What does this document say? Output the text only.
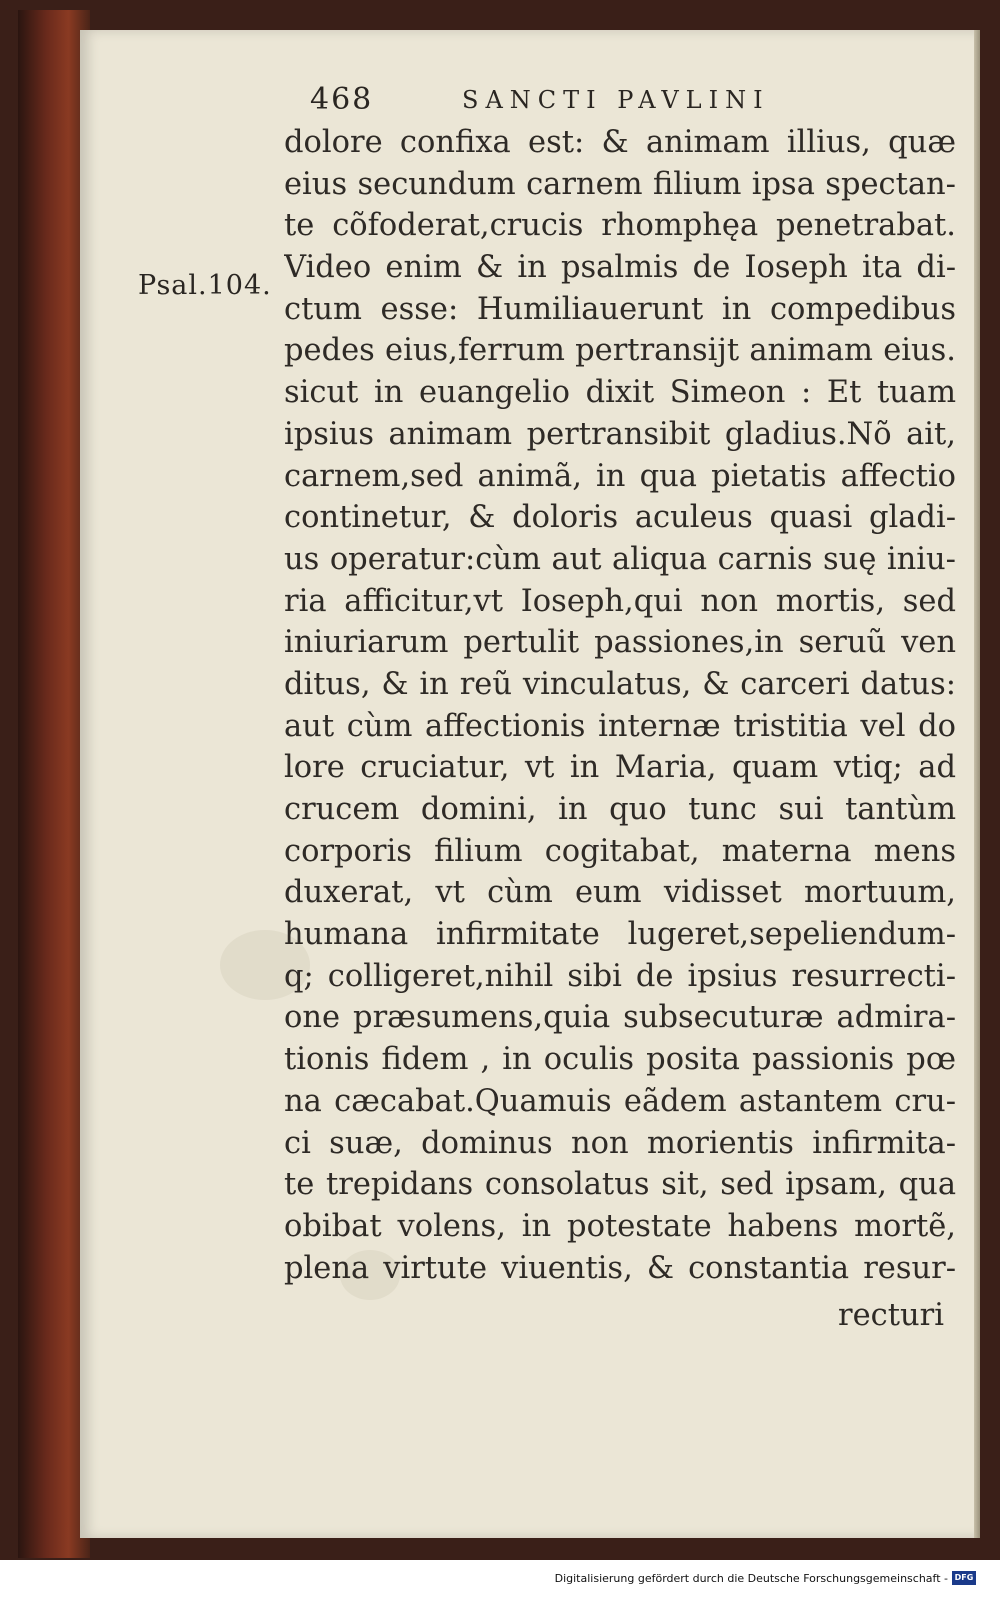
468	SANCTI PAVLINI
Psal.104.
dolore confixa est: & animam illius, quæ
eius secundum carnem filium ipsa spectan-
te cõfoderat,crucis rhomphęa penetrabat.
Video enim & in psalmis de Ioseph ita di-
ctum esse: Humiliauerunt in compedibus
pedes eius,ferrum pertransijt animam eius.
sicut in euangelio dixit Simeon : Et tuam
ipsius animam pertransibit gladius.Nõ ait,
carnem,sed animã, in qua pietatis affectio
continetur, & doloris aculeus quasi gladi-
us operatur:cùm aut aliqua carnis suę iniu-
ria afficitur,vt Ioseph,qui non mortis, sed
iniuriarum pertulit passiones,in seruũ ven
ditus, & in reũ vinculatus, & carceri datus:
aut cùm affectionis internæ tristitia vel do
lore cruciatur, vt in Maria, quam vtiq; ad
crucem domini, in quo tunc sui tantùm
corporis filium cogitabat, materna mens
duxerat, vt cùm eum vidisset mortuum,
humana infirmitate lugeret,sepeliendum-
q; colligeret,nihil sibi de ipsius resurrecti-
one præsumens,quia subsecuturæ admira-
tionis fidem , in oculis posita passionis pœ
na cæcabat.Quamuis eãdem astantem cru-
ci suæ, dominus non morientis infirmita-
te trepidans consolatus sit, sed ipsam, qua
obibat volens, in potestate habens mortẽ,
plena virtute viuentis, & constantia resur-
recturi
Digitalisierung gefördert durch die Deutsche Forschungsgemeinschaft - DFG
